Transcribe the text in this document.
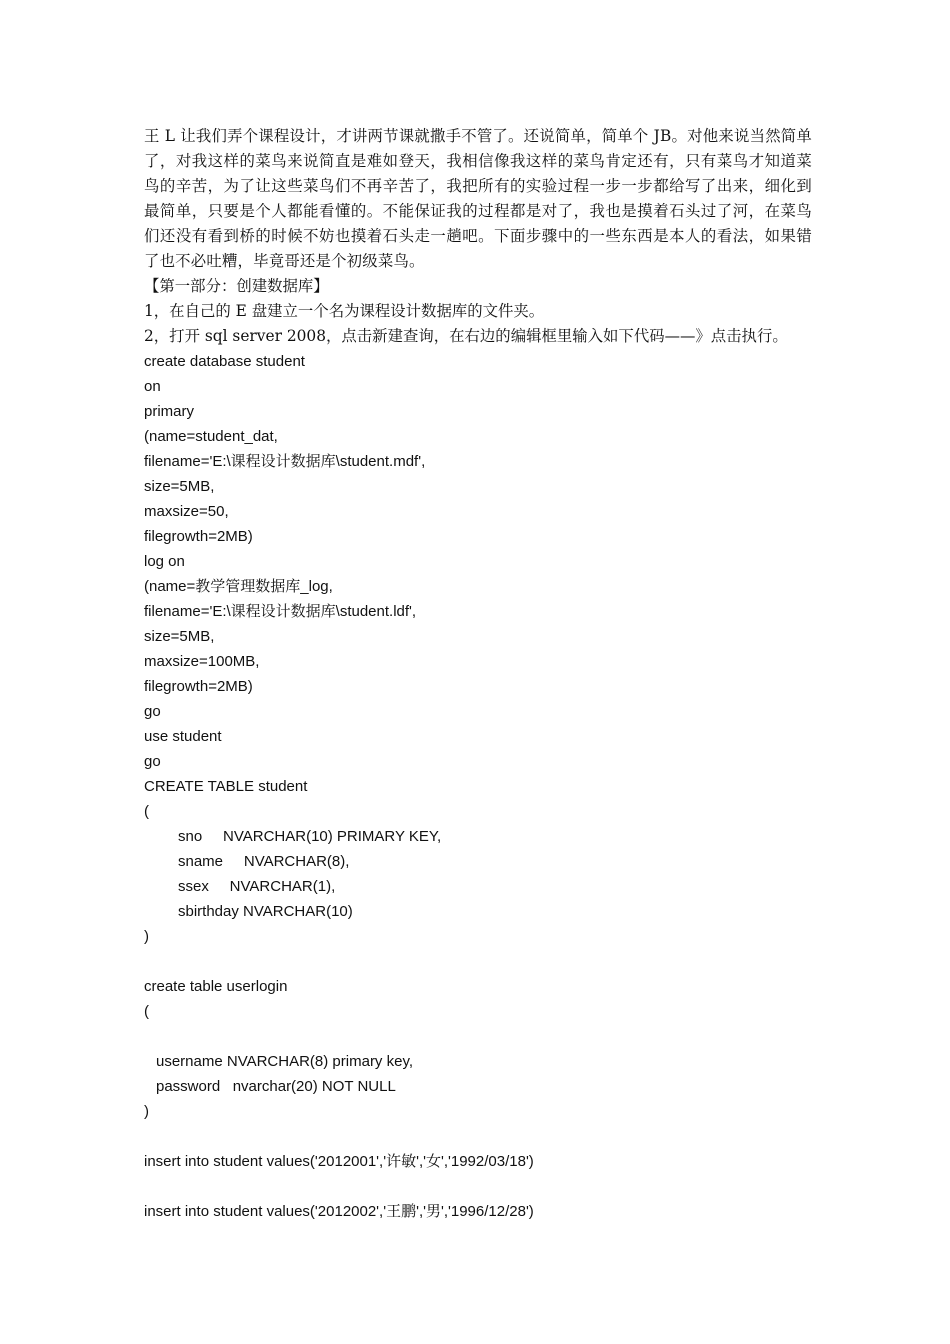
王 L 让我们弄个课程设计，才讲两节课就撒手不管了。还说简单，简单个 JB。对他来说当然简单了，对我这样的菜鸟来说简直是难如登天，我相信像我这样的菜鸟肯定还有，只有菜鸟才知道菜鸟的辛苦，为了让这些菜鸟们不再辛苦了，我把所有的实验过程一步一步都给写了出来，细化到最简单，只要是个人都能看懂的。不能保证我的过程都是对了，我也是摸着石头过了河，在菜鸟们还没有看到桥的时候不妨也摸着石头走一趟吧。下面步骤中的一些东西是本人的看法，如果错了也不必吐糟，毕竟哥还是个初级菜鸟。

【第一部分：创建数据库】

1，在自己的 E 盘建立一个名为课程设计数据库的文件夹。

2，打开 sql server 2008，点击新建查询，在右边的编辑框里输入如下代码——》点击执行。

create database student

on

primary

(name=student_dat,

filename='E:\课程设计数据库\student.mdf',

size=5MB,

maxsize=50,

filegrowth=2MB)

log on

(name=教学管理数据库_log,

filename='E:\课程设计数据库\student.ldf',

size=5MB,

maxsize=100MB,

filegrowth=2MB)

go

use student

go

CREATE TABLE student

(

sno     NVARCHAR(10) PRIMARY KEY,

sname     NVARCHAR(8),

ssex     NVARCHAR(1),

sbirthday NVARCHAR(10)

)

create table userlogin

(

username NVARCHAR(8) primary key,

password   nvarchar(20) NOT NULL

)

insert into student values('2012001','许敏','女','1992/03/18')

insert into student values('2012002','王鹏','男','1996/12/28')
